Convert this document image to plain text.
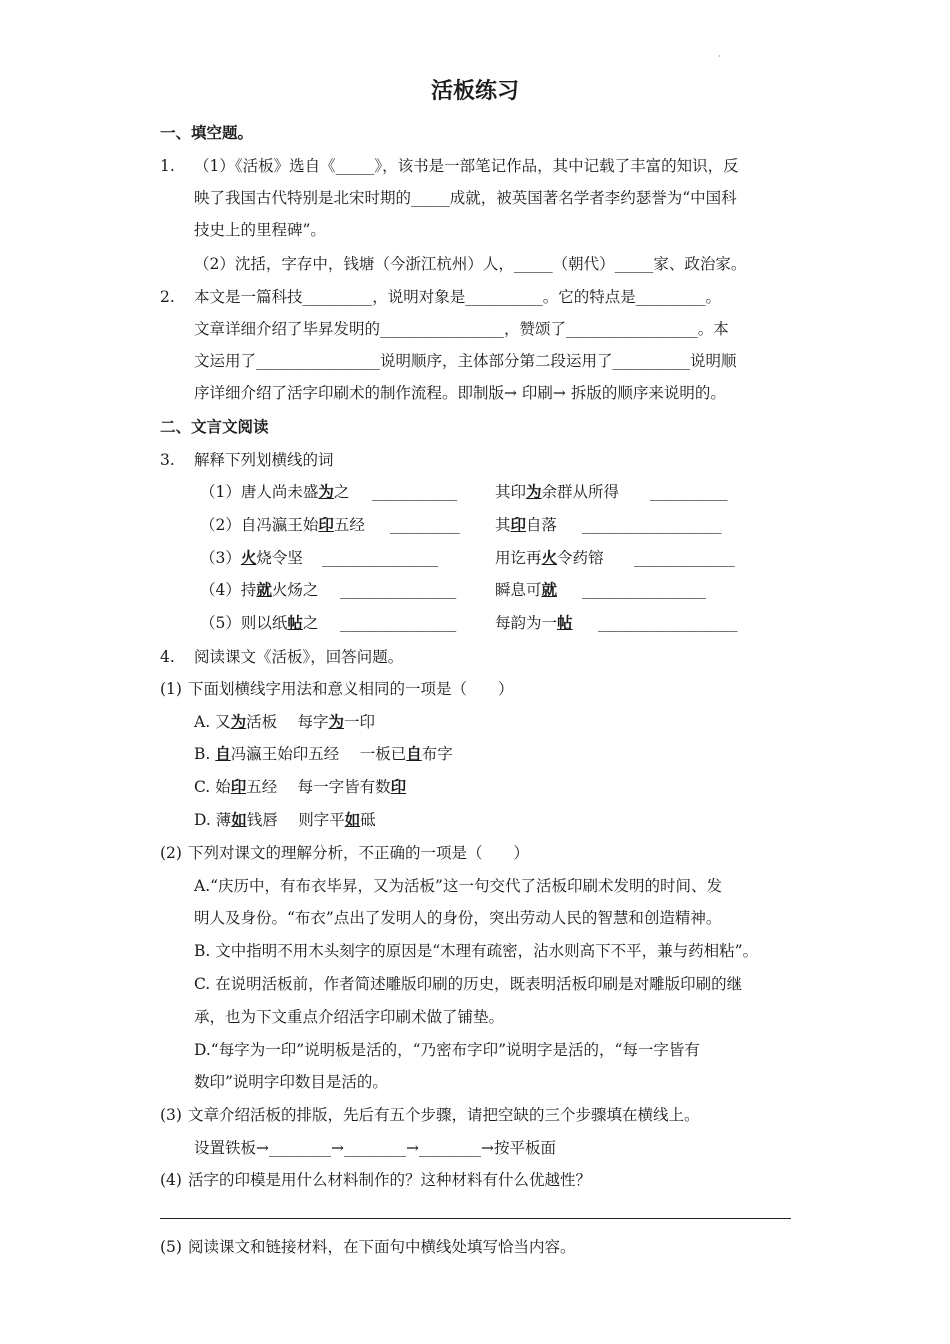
·
活板练习
一、填空题。
1. （1）《活板》选自《_____》，该书是一部笔记作品，其中记载了丰富的知识，反
映了我国古代特别是北宋时期的_____成就，被英国著名学者李约瑟誉为“中国科
技史上的里程碑”。
（2）沈括，字存中，钱塘（今浙江杭州）人，_____（朝代）_____家、政治家。
2. 本文是一篇科技_________，说明对象是__________。它的特点是_________。
文章详细介绍了毕昇发明的________________，赞颂了_________________。本
文运用了________________说明顺序，主体部分第二段运用了__________说明顺
序详细介绍了活字印刷术的制作流程。即制版→ 印刷→ 拆版的顺序来说明的。
二、文言文阅读
3. 解释下列划横线的词
（1）唐人尚未盛为之 ___________ 其印为余群从所得 __________
（2）自冯瀛王始印五经 _________ 其印自落 __________________
（3）火烧令坚 _______________	用讫再火令药镕 _____________
（4）持就火炀之 _______________	瞬息可就 ________________
（5）则以纸帖之 _______________	每韵为一帖 __________________
4. 阅读课文《活板》，回答问题。
(1) 下面划横线字用法和意义相同的一项是（　　）
A. 又为活板　 每字为一印
B. 自冯瀛王始印五经　 一板已自布字
C. 始印五经　 每一字皆有数印
D. 薄如钱唇　 则字平如砥
(2) 下列对课文的理解分析，不正确的一项是（　　）
A.“庆历中，有布衣毕昇，又为活板”这一句交代了活板印刷术发明的时间、发
明人及身份。“布衣”点出了发明人的身份，突出劳动人民的智慧和创造精神。
B. 文中指明不用木头刻字的原因是“木理有疏密，沾水则高下不平，兼与药相粘”。
C. 在说明活板前，作者简述雕版印刷的历史，既表明活板印刷是对雕版印刷的继
承，也为下文重点介绍活字印刷术做了铺垫。
D.“每字为一印”说明板是活的，“乃密布字印”说明字是活的，“每一字皆有
数印”说明字印数目是活的。
(3) 文章介绍活板的排版，先后有五个步骤，请把空缺的三个步骤填在横线上。
设置铁板→________→________→________→按平板面
(4) 活字的印模是用什么材料制作的？这种材料有什么优越性？
(5) 阅读课文和链接材料，在下面句中横线处填写恰当内容。
